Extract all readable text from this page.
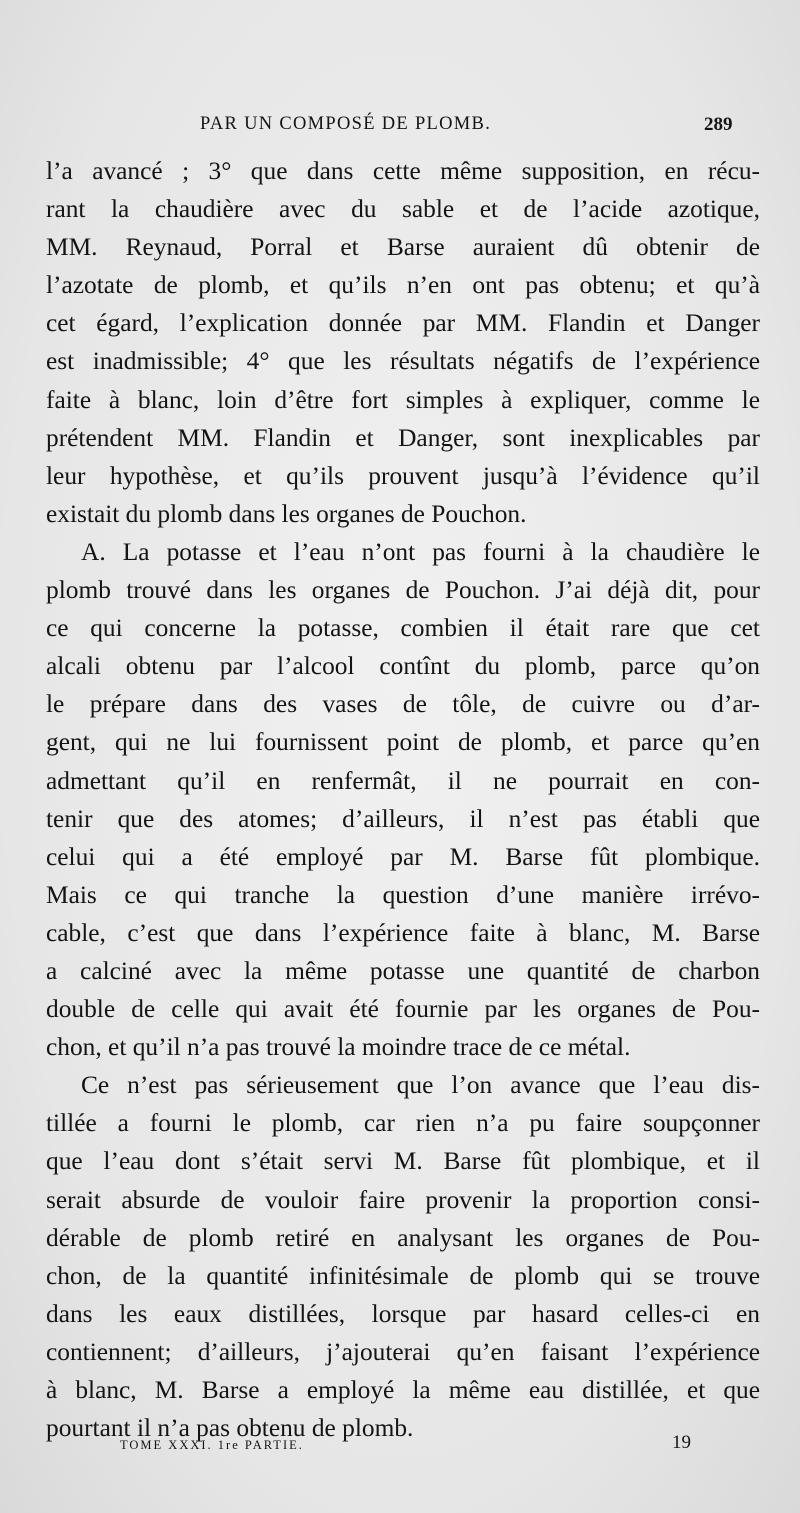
PAR UN COMPOSÉ DE PLOMB.	289
l’a avancé ; 3° que dans cette même supposition, en récu-
rant la chaudière avec du sable et de l’acide azotique,
MM. Reynaud, Porral et Barse auraient dû obtenir de
l’azotate de plomb, et qu’ils n’en ont pas obtenu; et qu’à
cet égard, l’explication donnée par MM. Flandin et Danger
est inadmissible; 4° que les résultats négatifs de l’expérience
faite à blanc, loin d’être fort simples à expliquer, comme le
prétendent MM. Flandin et Danger, sont inexplicables par
leur hypothèse, et qu’ils prouvent jusqu’à l’évidence qu’il
existait du plomb dans les organes de Pouchon.
A. La potasse et l’eau n’ont pas fourni à la chaudière le
plomb trouvé dans les organes de Pouchon. J’ai déjà dit, pour
ce qui concerne la potasse, combien il était rare que cet
alcali obtenu par l’alcool contînt du plomb, parce qu’on
le prépare dans des vases de tôle, de cuivre ou d’ar-
gent, qui ne lui fournissent point de plomb, et parce qu’en
admettant qu’il en renfermât, il ne pourrait en con-
tenir que des atomes; d’ailleurs, il n’est pas établi que
celui qui a été employé par M. Barse fût plombique.
Mais ce qui tranche la question d’une manière irrévo-
cable, c’est que dans l’expérience faite à blanc, M. Barse
a calciné avec la même potasse une quantité de charbon
double de celle qui avait été fournie par les organes de Pou-
chon, et qu’il n’a pas trouvé la moindre trace de ce métal.
Ce n’est pas sérieusement que l’on avance que l’eau dis-
tillée a fourni le plomb, car rien n’a pu faire soupçonner
que l’eau dont s’était servi M. Barse fût plombique, et il
serait absurde de vouloir faire provenir la proportion consi-
dérable de plomb retiré en analysant les organes de Pou-
chon, de la quantité infinitésimale de plomb qui se trouve
dans les eaux distillées, lorsque par hasard celles-ci en
contiennent; d’ailleurs, j’ajouterai qu’en faisant l’expérience
à blanc, M. Barse a employé la même eau distillée, et que
pourtant il n’a pas obtenu de plomb.
TOME XXXI. 1re PARTIE.	19
